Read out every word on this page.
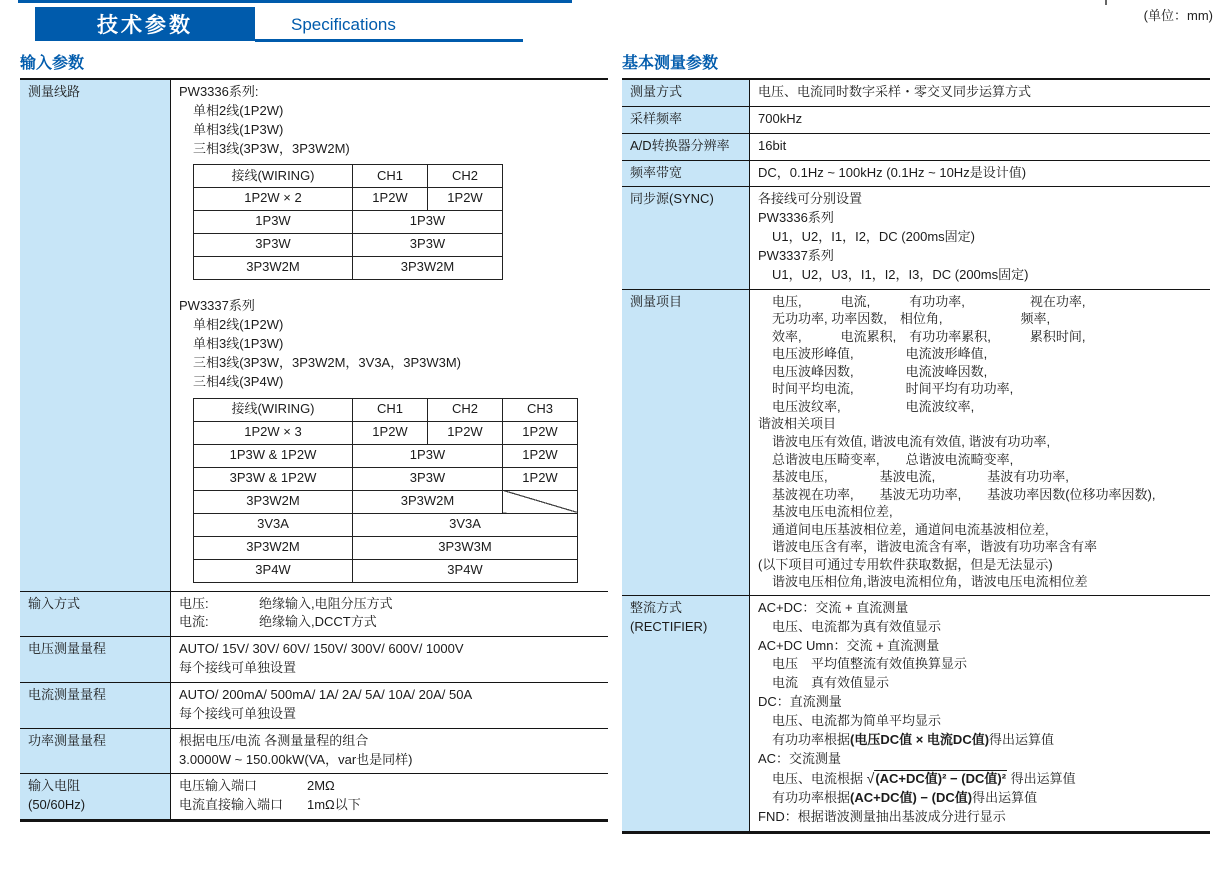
技术参数	Specifications	(单位：mm)
输入参数
测量线路	PW3336系列:
单相2线(1P2W)
单相3线(1P3W)
三相3线(3P3W，3P3W2M)
接线(WIRING)	CH1	CH2
1P2W × 2	1P2W	1P2W
1P3W	1P3W
3P3W	3P3W
3P3W2M	3P3W2M
PW3337系列
单相2线(1P2W)
单相3线(1P3W)
三相3线(3P3W，3P3W2M，3V3A，3P3W3M)
三相4线(3P4W)
接线(WIRING)	CH1	CH2	CH3
1P2W × 3	1P2W	1P2W	1P2W
1P3W & 1P2W	1P3W	1P2W
3P3W & 1P2W	3P3W	1P2W
3P3W2M	3P3W2M	
3V3A	3V3A
3P3W2M	3P3W3M
3P4W	3P4W

输入方式	电压:	绝缘输入,电阻分压方式
电流:	绝缘输入,DCCT方式

电压测量量程	AUTO/ 15V/ 30V/ 60V/ 150V/ 300V/ 600V/ 1000V
每个接线可单独设置

电流测量量程	AUTO/ 200mA/ 500mA/ 1A/ 2A/ 5A/ 10A/ 20A/ 50A
每个接线可单独设置

功率测量量程	根据电压/电流 各测量量程的组合
3.0000W ~ 150.00kW(VA，var也是同样)

输入电阻
(50/60Hz)

电压输入端口	2MΩ
电流直接输入端口 1mΩ以下
基本测量参数
测量方式	电压、电流同时数字采样・零交叉同步运算方式
采样频率	700kHz
A/D转换器分辨率	16bit
频率带宽	DC，0.1Hz ~ 100kHz (0.1Hz ~ 10Hz是设计值)
同步源(SYNC)	各接线可分别设置
PW3336系列
U1，U2，I1，I2，DC (200ms固定)
PW3337系列
U1，U2，U3，I1，I2，I3，DC (200ms固定)

测量项目	电压,　　　电流,　　　有功功率,　　　　　视在功率,
无功功率, 功率因数,　相位角,　　　　　　频率,
效率,　　　电流累积,　有功功率累积,　　　累积时间,
电压波形峰值,　　　　电流波形峰值,
电压波峰因数,　　　　电流波峰因数,
时间平均电流,　　　　时间平均有功功率,
电压波纹率,　　　　　电流波纹率,
谐波相关项目
谐波电压有效值, 谐波电流有效值, 谐波有功功率,
总谐波电压畸变率,　　总谐波电流畸变率,
基波电压,　　　　基波电流,　　　　基波有功功率,
基波视在功率,　　基波无功功率,　　基波功率因数(位移功率因数),
基波电压电流相位差,
通道间电压基波相位差，通道间电流基波相位差,
谐波电压含有率，谐波电流含有率，谐波有功功率含有率
(以下项目可通过专用软件获取数据，但是无法显示)
谐波电压相位角,谐波电流相位角，谐波电压电流相位差

整流方式
(RECTIFIER)

AC+DC：交流 + 直流测量
电压、电流都为真有效值显示
AC+DC Umn：交流 + 直流测量
电压　平均值整流有效值换算显示
电流　真有效值显示
DC：直流测量
电压、电流都为简单平均显示
有功功率根据(电压DC值 × 电流DC值)得出运算值
AC：交流测量
电压、电流根据 √(AC+DC值)² − (DC值)² 得出运算值
有功功率根据(AC+DC值) − (DC值)得出运算值
FND：根据谐波测量抽出基波成分进行显示
